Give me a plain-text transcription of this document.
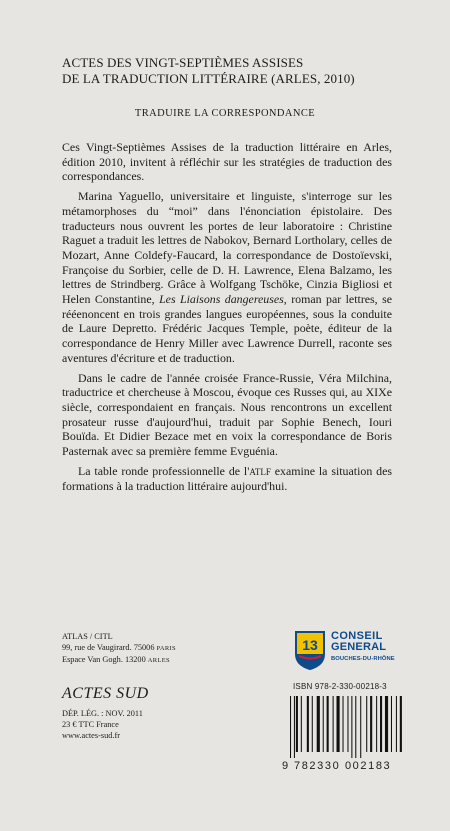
ACTES DES VINGT-SEPTIÈMES ASSISES
DE LA TRADUCTION LITTÉRAIRE (ARLES, 2010)
TRADUIRE LA CORRESPONDANCE

Ces Vingt-Septièmes Assises de la traduction littéraire en Arles, édition 2010, invitent à réfléchir sur les stratégies de traduction des correspondances.

Marina Yaguello, universitaire et linguiste, s'interroge sur les métamorphoses du “moi” dans l'énonciation épistolaire. Des traducteurs nous ouvrent les portes de leur laboratoire : Christine Raguet a traduit les lettres de Nabokov, Bernard Lortholary, celles de Mozart, Anne Coldefy-Faucard, la correspondance de Dostoïevski, Françoise du Sorbier, celle de D. H. Lawrence, Elena Balzamo, les lettres de Strindberg. Grâce à Wolfgang Tschöke, Cinzia Bigliosi et Helen Constantine, Les Liaisons dangereuses, roman par lettres, se rééenoncent en trois grandes langues européennes, sous la conduite de Laure Depretto. Frédéric Jacques Temple, poète, éditeur de la correspondance de Henry Miller avec Lawrence Durrell, raconte ses aventures d'écriture et de traduction.

Dans le cadre de l'année croisée France-Russie, Véra Milchina, traductrice et chercheuse à Moscou, évoque ces Russes qui, au XIXe siècle, correspondaient en français. Nous rencontrons un excellent prosateur russe d'aujourd'hui, traduit par Sophie Benech, Iouri Bouïda. Et Didier Bezace met en voix la correspondance de Boris Pasternak avec sa première femme Evguénia.

La table ronde professionnelle de l'ATLF examine la situation des formations à la traduction littéraire aujourd'hui.

ATLAS / CITL
99, rue de Vaugirard. 75006 PARIS
Espace Van Gogh. 13200 ARLES
ACTES SUD
DÉP. LÉG. : NOV. 2011
23 € TTC France
www.actes-sud.fr
13
CONSEIL
GENERAL
BOUCHES-DU-RHÔNE
ISBN 978-2-330-00218-3
9 782330 002183
